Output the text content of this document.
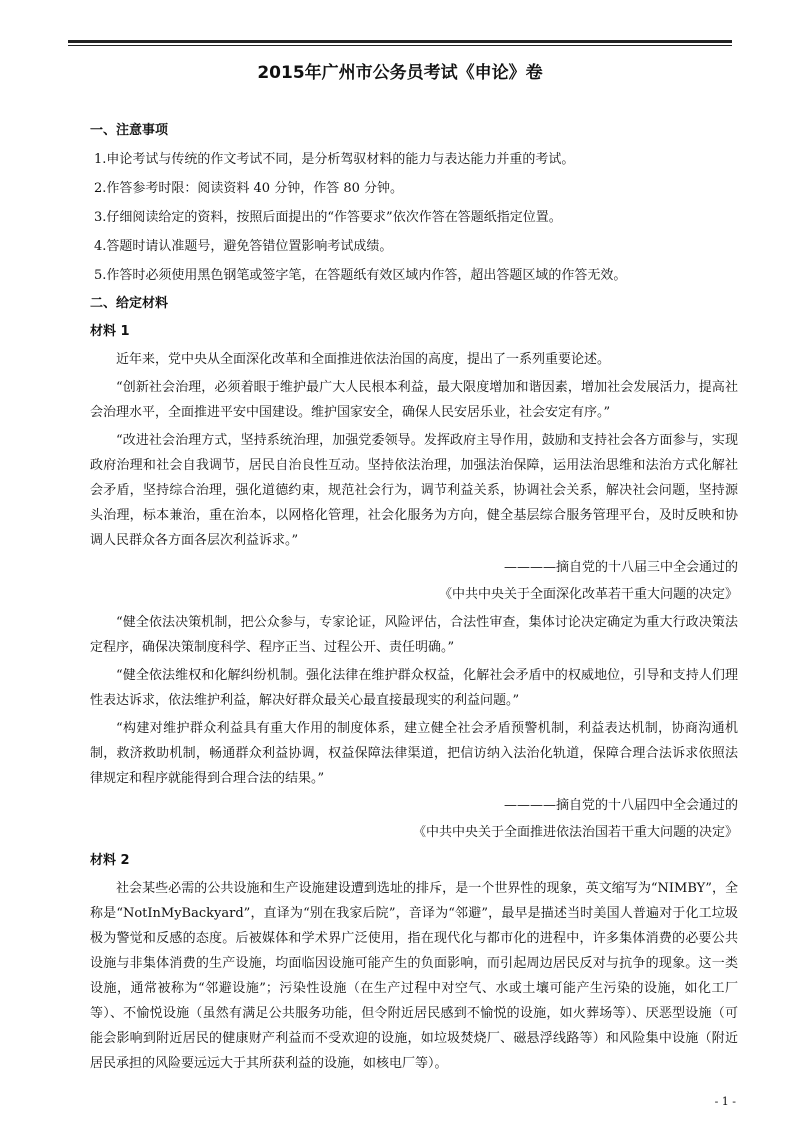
2015年广州市公务员考试《申论》卷
一、注意事项
1.申论考试与传统的作文考试不同，是分析驾驭材料的能力与表达能力并重的考试。
2.作答参考时限：阅读资料 40 分钟，作答 80 分钟。
3.仔细阅读给定的资料，按照后面提出的“作答要求”依次作答在答题纸指定位置。
4.答题时请认准题号，避免答错位置影响考试成绩。
5.作答时必须使用黑色钢笔或签字笔，在答题纸有效区域内作答，超出答题区域的作答无效。
二、给定材料
材料 1
近年来，党中央从全面深化改革和全面推进依法治国的高度，提出了一系列重要论述。
“创新社会治理，必须着眼于维护最广大人民根本利益，最大限度增加和谐因素，增加社会发展活力，提高社会治理水平，全面推进平安中国建设。维护国家安全，确保人民安居乐业，社会安定有序。”
“改进社会治理方式，坚持系统治理，加强党委领导。发挥政府主导作用，鼓励和支持社会各方面参与，实现政府治理和社会自我调节，居民自治良性互动。坚持依法治理，加强法治保障，运用法治思维和法治方式化解社会矛盾，坚持综合治理，强化道德约束，规范社会行为，调节利益关系，协调社会关系，解决社会问题，坚持源头治理，标本兼治，重在治本，以网格化管理，社会化服务为方向，健全基层综合服务管理平台，及时反映和协调人民群众各方面各层次利益诉求。”
————摘自党的十八届三中全会通过的
《中共中央关于全面深化改革若干重大问题的决定》
“健全依法决策机制，把公众参与，专家论证，风险评估，合法性审查，集体讨论决定确定为重大行政决策法定程序，确保决策制度科学、程序正当、过程公开、责任明确。”
“健全依法维权和化解纠纷机制。强化法律在维护群众权益，化解社会矛盾中的权威地位，引导和支持人们理性表达诉求，依法维护利益，解决好群众最关心最直接最现实的利益问题。”
“构建对维护群众利益具有重大作用的制度体系，建立健全社会矛盾预警机制，利益表达机制，协商沟通机制，救济救助机制，畅通群众利益协调，权益保障法律渠道，把信访纳入法治化轨道，保障合理合法诉求依照法律规定和程序就能得到合理合法的结果。”
————摘自党的十八届四中全会通过的
《中共中央关于全面推进依法治国若干重大问题的决定》
材料 2
社会某些必需的公共设施和生产设施建设遭到选址的排斥，是一个世界性的现象，英文缩写为“NIMBY”，全称是“NotInMyBackyard”，直译为“别在我家后院”，音译为“邻避”，最早是描述当时美国人普遍对于化工垃圾极为警觉和反感的态度。后被媒体和学术界广泛使用，指在现代化与都市化的进程中，许多集体消费的必要公共设施与非集体消费的生产设施，均面临因设施可能产生的负面影响，而引起周边居民反对与抗争的现象。这一类设施，通常被称为“邻避设施”；污染性设施（在生产过程中对空气、水或土壤可能产生污染的设施，如化工厂等）、不愉悦设施（虽然有满足公共服务功能，但令附近居民感到不愉悦的设施，如火葬场等）、厌恶型设施（可能会影响到附近居民的健康财产利益而不受欢迎的设施，如垃圾焚烧厂、磁悬浮线路等）和风险集中设施（附近居民承担的风险要远远大于其所获利益的设施，如核电厂等）。
- 1 -
